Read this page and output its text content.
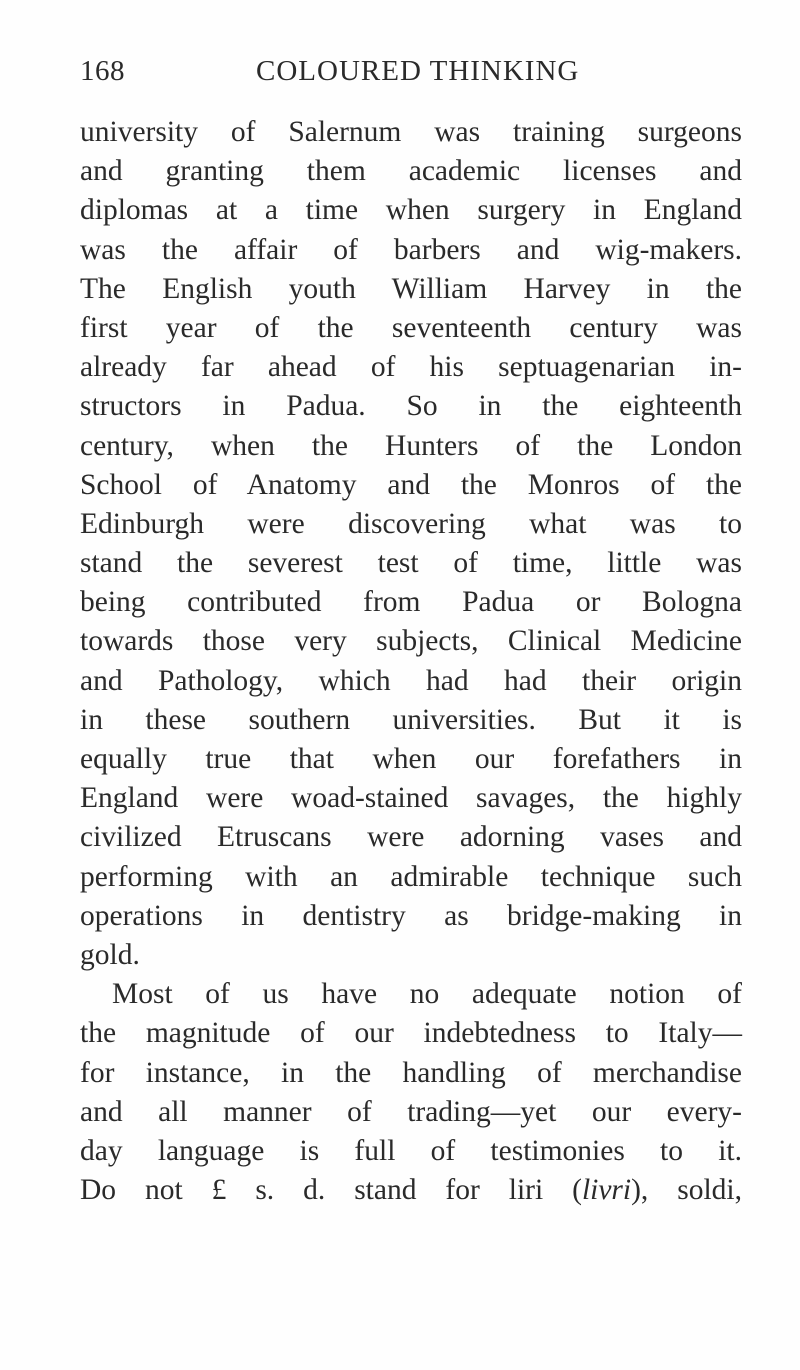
168	COLOURED THINKING
university of Salernum was training surgeons
and granting them academic licenses and
diplomas at a time when surgery in England
was the affair of barbers and wig-makers.
The English youth William Harvey in the
first year of the seventeenth century was
already far ahead of his septuagenarian in-
structors in Padua. So in the eighteenth
century, when the Hunters of the London
School of Anatomy and the Monros of the
Edinburgh were discovering what was to
stand the severest test of time, little was
being contributed from Padua or Bologna
towards those very subjects, Clinical Medicine
and Pathology, which had had their origin
in these southern universities. But it is
equally true that when our forefathers in
England were woad-stained savages, the highly
civilized Etruscans were adorning vases and
performing with an admirable technique such
operations in dentistry as bridge-making in
gold.
Most of us have no adequate notion of
the magnitude of our indebtedness to Italy—
for instance, in the handling of merchandise
and all manner of trading—yet our every-
day language is full of testimonies to it.
Do not £ s. d. stand for liri (livri), soldi,
